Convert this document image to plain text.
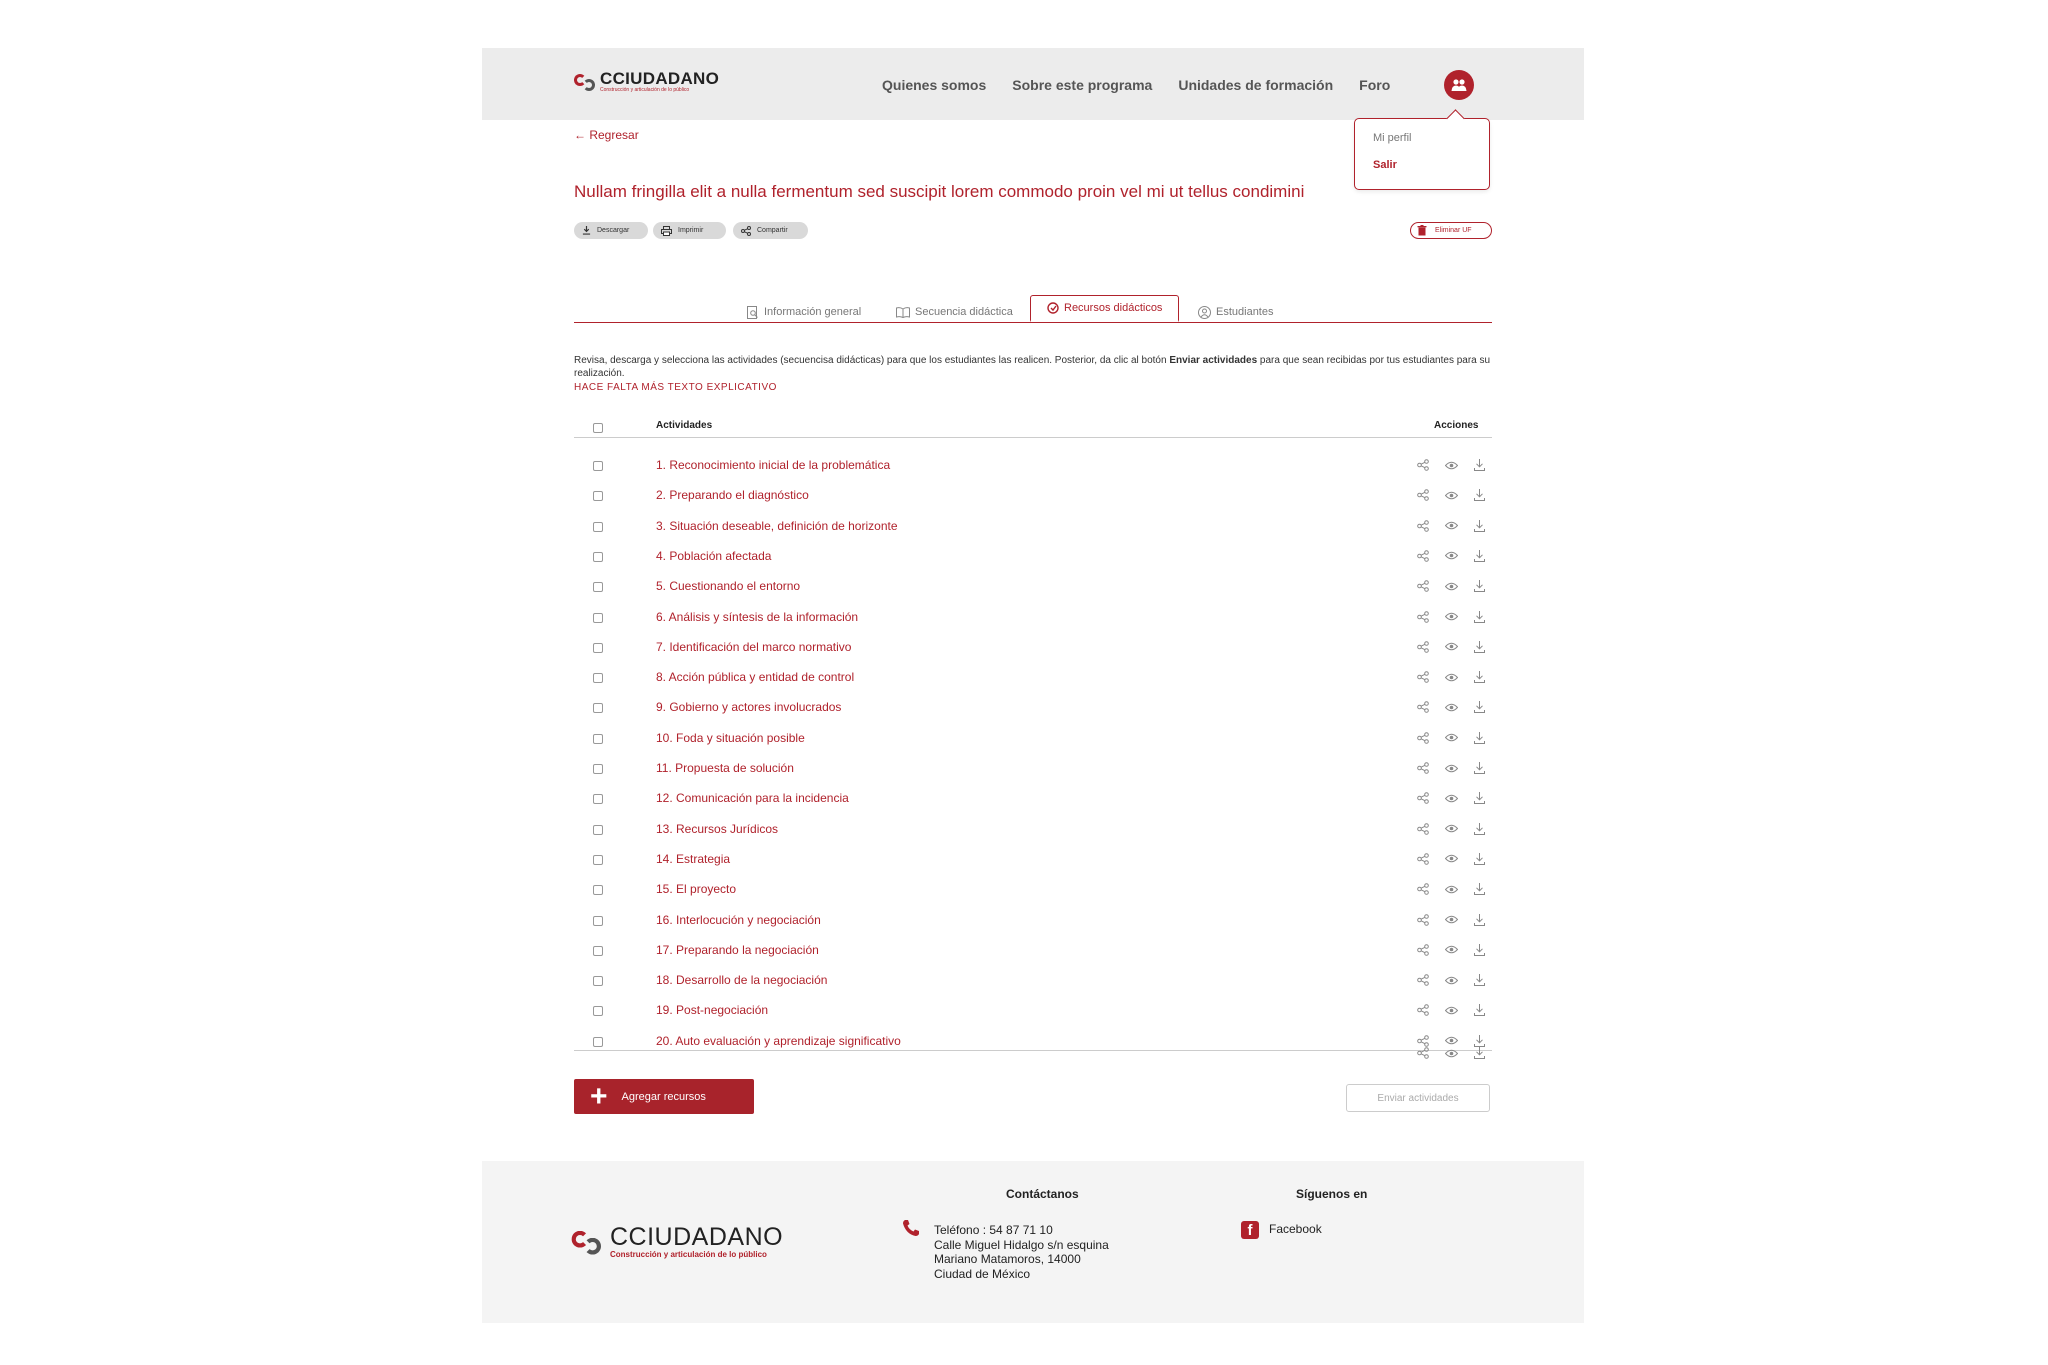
CCIUDADANO
Construcción y articulación de lo público	Quienes somos Sobre este programa Unidades de formación Foro
Mi perfil
Salir
← Regresar
Nullam fringilla elit a nulla fermentum sed suscipit lorem commodo proin vel mi ut tellus condimini
Descargar	Imprimir	Compartir	Eliminar UF
Información general	Secuencia didáctica	Recursos didácticos	Estudiantes
Revisa, descarga y selecciona las actividades (secuencisa didácticas) para que los estudiantes las realicen. Posterior, da clic al botón Enviar actividades para que sean recibidas por tus estudiantes para su realización.
HACE FALTA MÁS TEXTO EXPLICATIVO
Actividades	Acciones
1. Reconocimiento inicial de la problemática
2. Preparando el diagnóstico
3. Situación deseable, definición de horizonte
4. Población afectada
5. Cuestionando el entorno
6. Análisis y síntesis de la información
7. Identificación del marco normativo
8. Acción pública y entidad de control
9. Gobierno y actores involucrados
10. Foda y situación posible
11. Propuesta de solución
12. Comunicación para la incidencia
13. Recursos Jurídicos
14. Estrategia
15. El proyecto
16. Interlocución y negociación
17. Preparando la negociación
18. Desarrollo de la negociación
19. Post-negociación
20. Auto evaluación y aprendizaje significativo
+ Agregar recursos	Enviar actividades
CCIUDADANO
Construcción y articulación de lo público
Contáctanos	Síguenos en
Teléfono : 54 87 71 10
Calle Miguel Hidalgo s/n esquina
Mariano Matamoros, 14000
Ciudad de México
f	Facebook
